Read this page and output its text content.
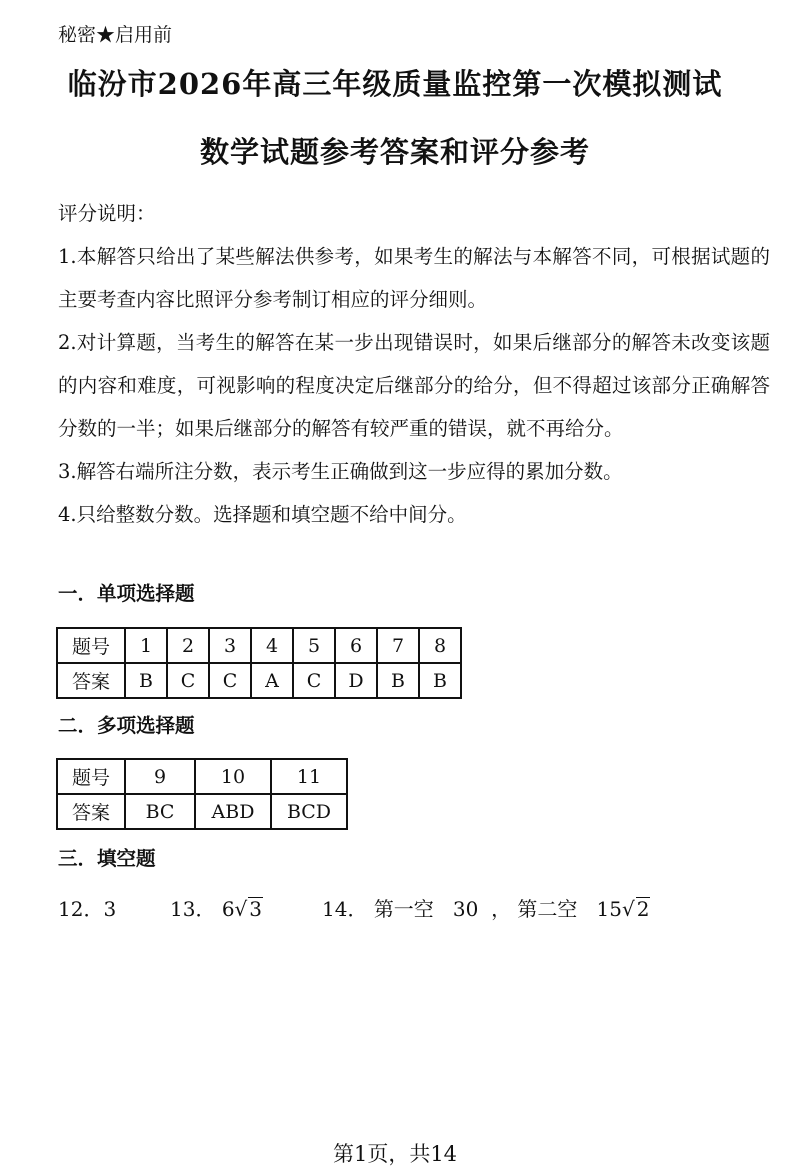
秘密★启用前
临汾市2026年高三年级质量监控第一次模拟测试
数学试题参考答案和评分参考

评分说明：

1.本解答只给出了某些解法供参考，如果考生的解法与本解答不同，可根据试题的主要考查内容比照评分参考制订相应的评分细则。

2.对计算题，当考生的解答在某一步出现错误时，如果后继部分的解答未改变该题的内容和难度，可视影响的程度决定后继部分的给分，但不得超过该部分正确解答分数的一半；如果后继部分的解答有较严重的错误，就不再给分。

3.解答右端所注分数，表示考生正确做到这一步应得的累加分数。

4.只给整数分数。选择题和填空题不给中间分。

一．单项选择题
题号	1	2	3	4	5	6	7	8
答案	B	C	C	A	C	D	B	B
二．多项选择题
题号	9	10	11
答案	BC	ABD	BCD
三．填空题
12．3	13． 6√ 3	14． 第一空 30 ， 第二空 15√ 2
第1页，共14
